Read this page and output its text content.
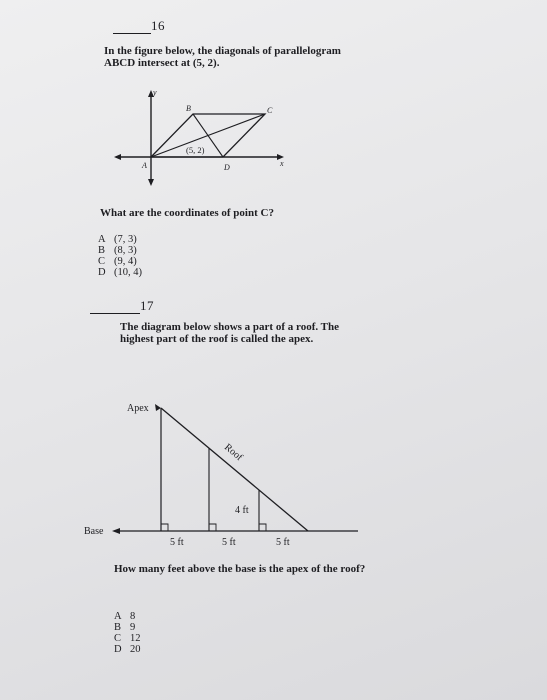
16
In the figure below, the diagonals of parallelogram ABCD intersect at (5, 2).
y
x
A
B	C
D
(5, 2)
What are the coordinates of point C?
A (7, 3)
B (8, 3)
C (9, 4)
D (10, 4)
17
The diagram below shows a part of a roof. The highest part of the roof is called the apex.
Apex
Roof
Base
4 ft
5 ft	5 ft	5 ft
How many feet above the base is the apex of the roof?
A 8
B 9
C 12
D 20
